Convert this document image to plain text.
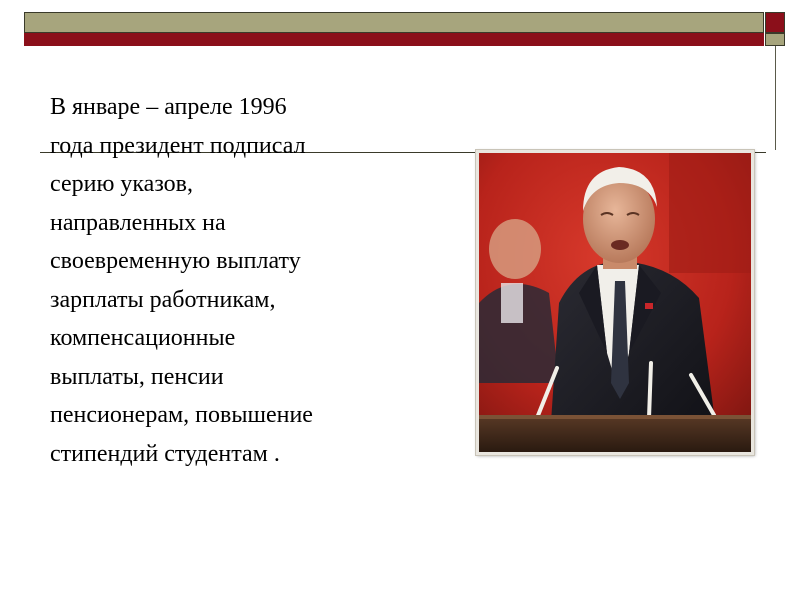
В январе – апреле 1996
года президент подписал
серию указов,
направленных на
своевременную выплату
зарплаты работникам,
компенсационные
выплаты, пенсии
пенсионерам, повышение
стипендий студентам .
